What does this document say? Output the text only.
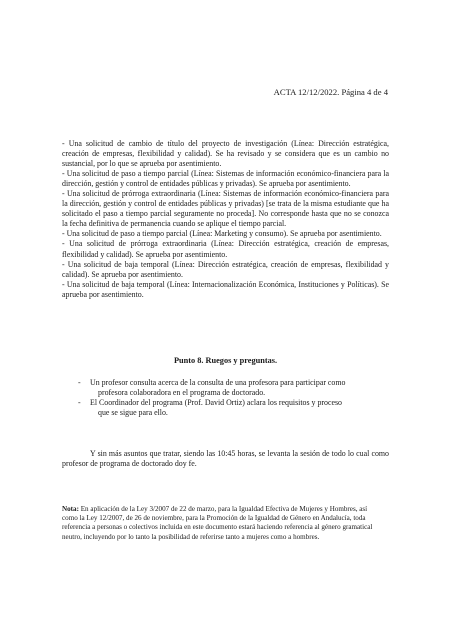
ACTA 12/12/2022. Página 4 de 4

- Una solicitud de cambio de título del proyecto de investigación (Línea: Dirección estratégica, creación de empresas, flexibilidad y calidad). Se ha revisado y se considera que es un cambio no sustancial, por lo que se aprueba por asentimiento.

- Una solicitud de paso a tiempo parcial (Línea: Sistemas de información económico-financiera para la dirección, gestión y control de entidades públicas y privadas). Se aprueba por asentimiento.

- Una solicitud de prórroga extraordinaria (Línea: Sistemas de información económico-financiera para la dirección, gestión y control de entidades públicas y privadas) [se trata de la misma estudiante que ha solicitado el paso a tiempo parcial seguramente no proceda]. No corresponde hasta que no se conozca la fecha definitiva de permanencia cuando se aplique el tiempo parcial.

- Una solicitud de paso a tiempo parcial (Línea: Marketing y consumo). Se aprueba por asentimiento.

- Una solicitud de prórroga extraordinaria (Línea: Dirección estratégica, creación de empresas, flexibilidad y calidad). Se aprueba por asentimiento.

- Una solicitud de baja temporal (Línea: Dirección estratégica, creación de empresas, flexibilidad y calidad). Se aprueba por asentimiento.

- Una solicitud de baja temporal (Línea: Internacionalización Económica, Instituciones y Políticas). Se aprueba por asentimiento.

Punto 8. Ruegos y preguntas.
- Un profesor consulta acerca de la consulta de una profesora para participar como
profesora colaboradora en el programa de doctorado.
- El Coordinador del programa (Prof. David Ortiz) aclara los requisitos y proceso
que se sigue para ello.

Y sin más asuntos que tratar, siendo las 10:45 horas, se levanta la sesión de todo lo cual como profesor de programa de doctorado doy fe.

Nota: En aplicación de la Ley 3/2007 de 22 de marzo, para la Igualdad Efectiva de Mujeres y Hombres, así como la Ley 12/2007, de 26 de noviembre, para la Promoción de la Igualdad de Género en Andalucía, toda referencia a personas o colectivos incluida en este documento estará haciendo referencia al género gramatical neutro, incluyendo por lo tanto la posibilidad de referirse tanto a mujeres como a hombres.
